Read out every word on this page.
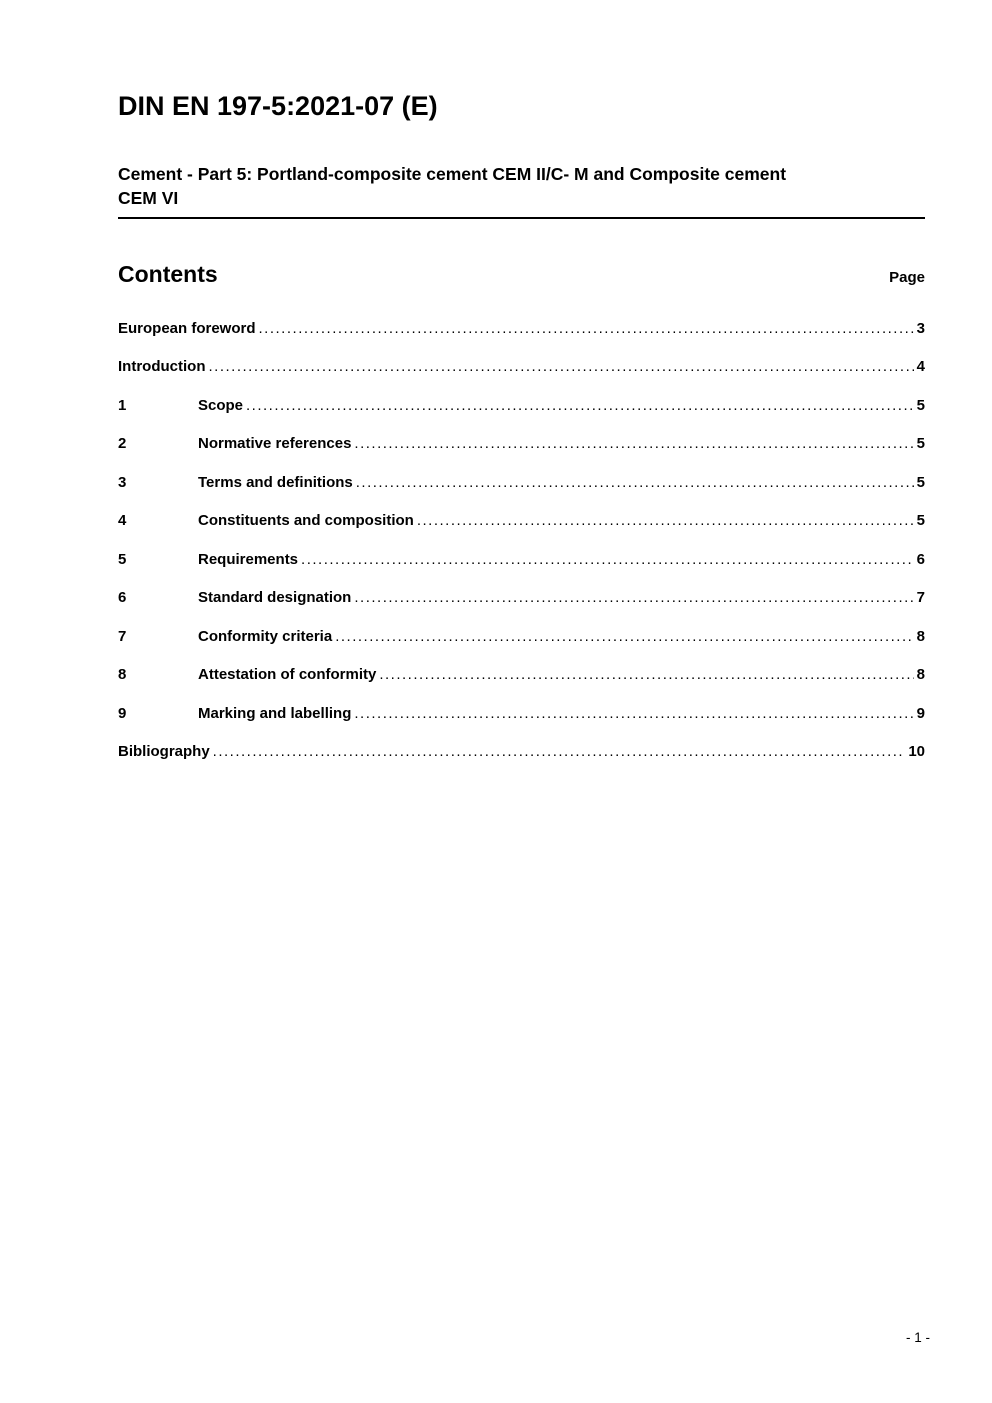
DIN EN 197-5:2021-07 (E)
Cement - Part 5: Portland-composite cement CEM II/C- M and Composite cement
CEM VI
Contents	Page
European foreword .....	3
Introduction .....	4
1	Scope .....	5
2	Normative references .....	5
3	Terms and definitions .....	5
4	Constituents and composition .....	5
5	Requirements .....	6
6	Standard designation .....	7
7	Conformity criteria .....	8
8	Attestation of conformity .....	8
9	Marking and labelling .....	9
Bibliography .....	10
- 1 -
